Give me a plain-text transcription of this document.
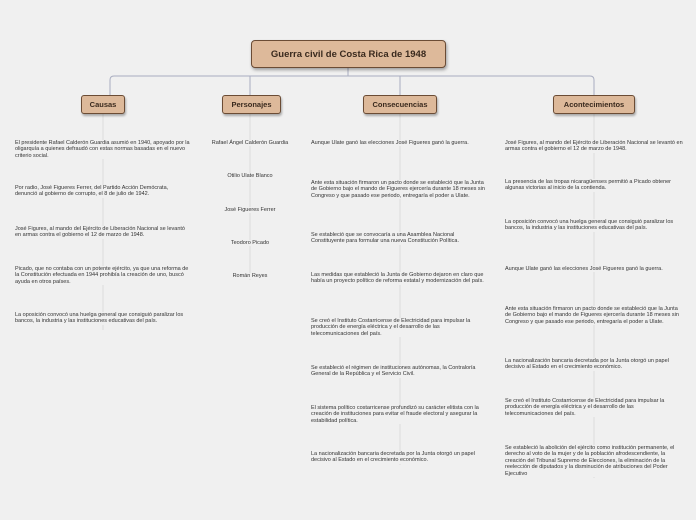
Guerra civil de Costa Rica de 1948
Causas	Personajes	Consecuencias	Acontecimientos
El presidente Rafael Calderón Guardia asumió en 1940, apoyado por la oligarquía a quienes defraudó con estas normas basadas en el nuevo criterio social.
Por radio, José Figueres Ferrer, del Partido Acción Demócrata, denunció al gobierno de corrupto, el 8 de julio de 1942.
José Figures, al mando del Ejército de Liberación Nacional se levantó en armas contra el gobierno el 12 de marzo de 1948.
Picado, que no contaba con un potente ejército, ya que una reforma de la Constitución efectuada en 1944 prohibía la creación de uno, buscó ayuda en otros países.
La oposición convocó una huelga general que consiguió paralizar los bancos, la industria y las instituciones educativas del país.
Rafael Ángel Calderón Guardia
Otilio Ulate Blanco
José Figueres Ferrer
Teodoro Picado
Román Reyes
Aunque Ulate ganó las elecciones José Figueres ganó la guerra.
Ante esta situación firmaron un pacto donde se estableció que la Junta de Gobierno bajo el mando de Figueres ejercería durante 18 meses sin Congreso y que pasado ese periodo, entregaría el poder a Ulate.
Se estableció que se convocaría a una Asamblea Nacional Constituyente para formular una nueva Constitución Política.
Las medidas que estableció la Junta de Gobierno dejaron en claro que había un proyecto político de reforma estatal y modernización del país.
Se creó el Instituto Costarricense de Electricidad para impulsar la producción de energía eléctrica y el desarrollo de las telecomunicaciones del país.
Se estableció el régimen de instituciones autónomas, la Contraloría General de la República y el Servicio Civil.
El sistema político costarricense profundizó su carácter elitista con la creación de instituciones para evitar el fraude electoral y asegurar la estabilidad política.
La nacionalización bancaria decretada por la Junta otorgó un papel decisivo al Estado en el crecimiento económico.
José Figures, al mando del Ejército de Liberación Nacional se levantó en armas contra el gobierno el 12 de marzo de 1948.
La presencia de las tropas nicaragüenses permitió a Picado obtener algunas victorias al inicio de la contienda.
La oposición convocó una huelga general que consiguió paralizar los bancos, la industria y las instituciones educativas del país.
Aunque Ulate ganó las elecciones José Figueres ganó la guerra.
Ante esta situación firmaron un pacto donde se estableció que la Junta de Gobierno bajo el mando de Figueres ejercería durante 18 meses sin Congreso y que pasado ese periodo, entregaría el poder a Ulate.
La nacionalización bancaria decretada por la Junta otorgó un papel decisivo al Estado en el crecimiento económico.
Se creó el Instituto Costarricense de Electricidad para impulsar la producción de energía eléctrica y el desarrollo de las telecomunicaciones del país.
Se estableció la abolición del ejército como institución permanente, el derecho al voto de la mujer y de la población afrodescendiente, la creación del Tribunal Supremo de Elecciones, la eliminación de la reelección de diputados y la disminución de atribuciones del Poder Ejecutivo
